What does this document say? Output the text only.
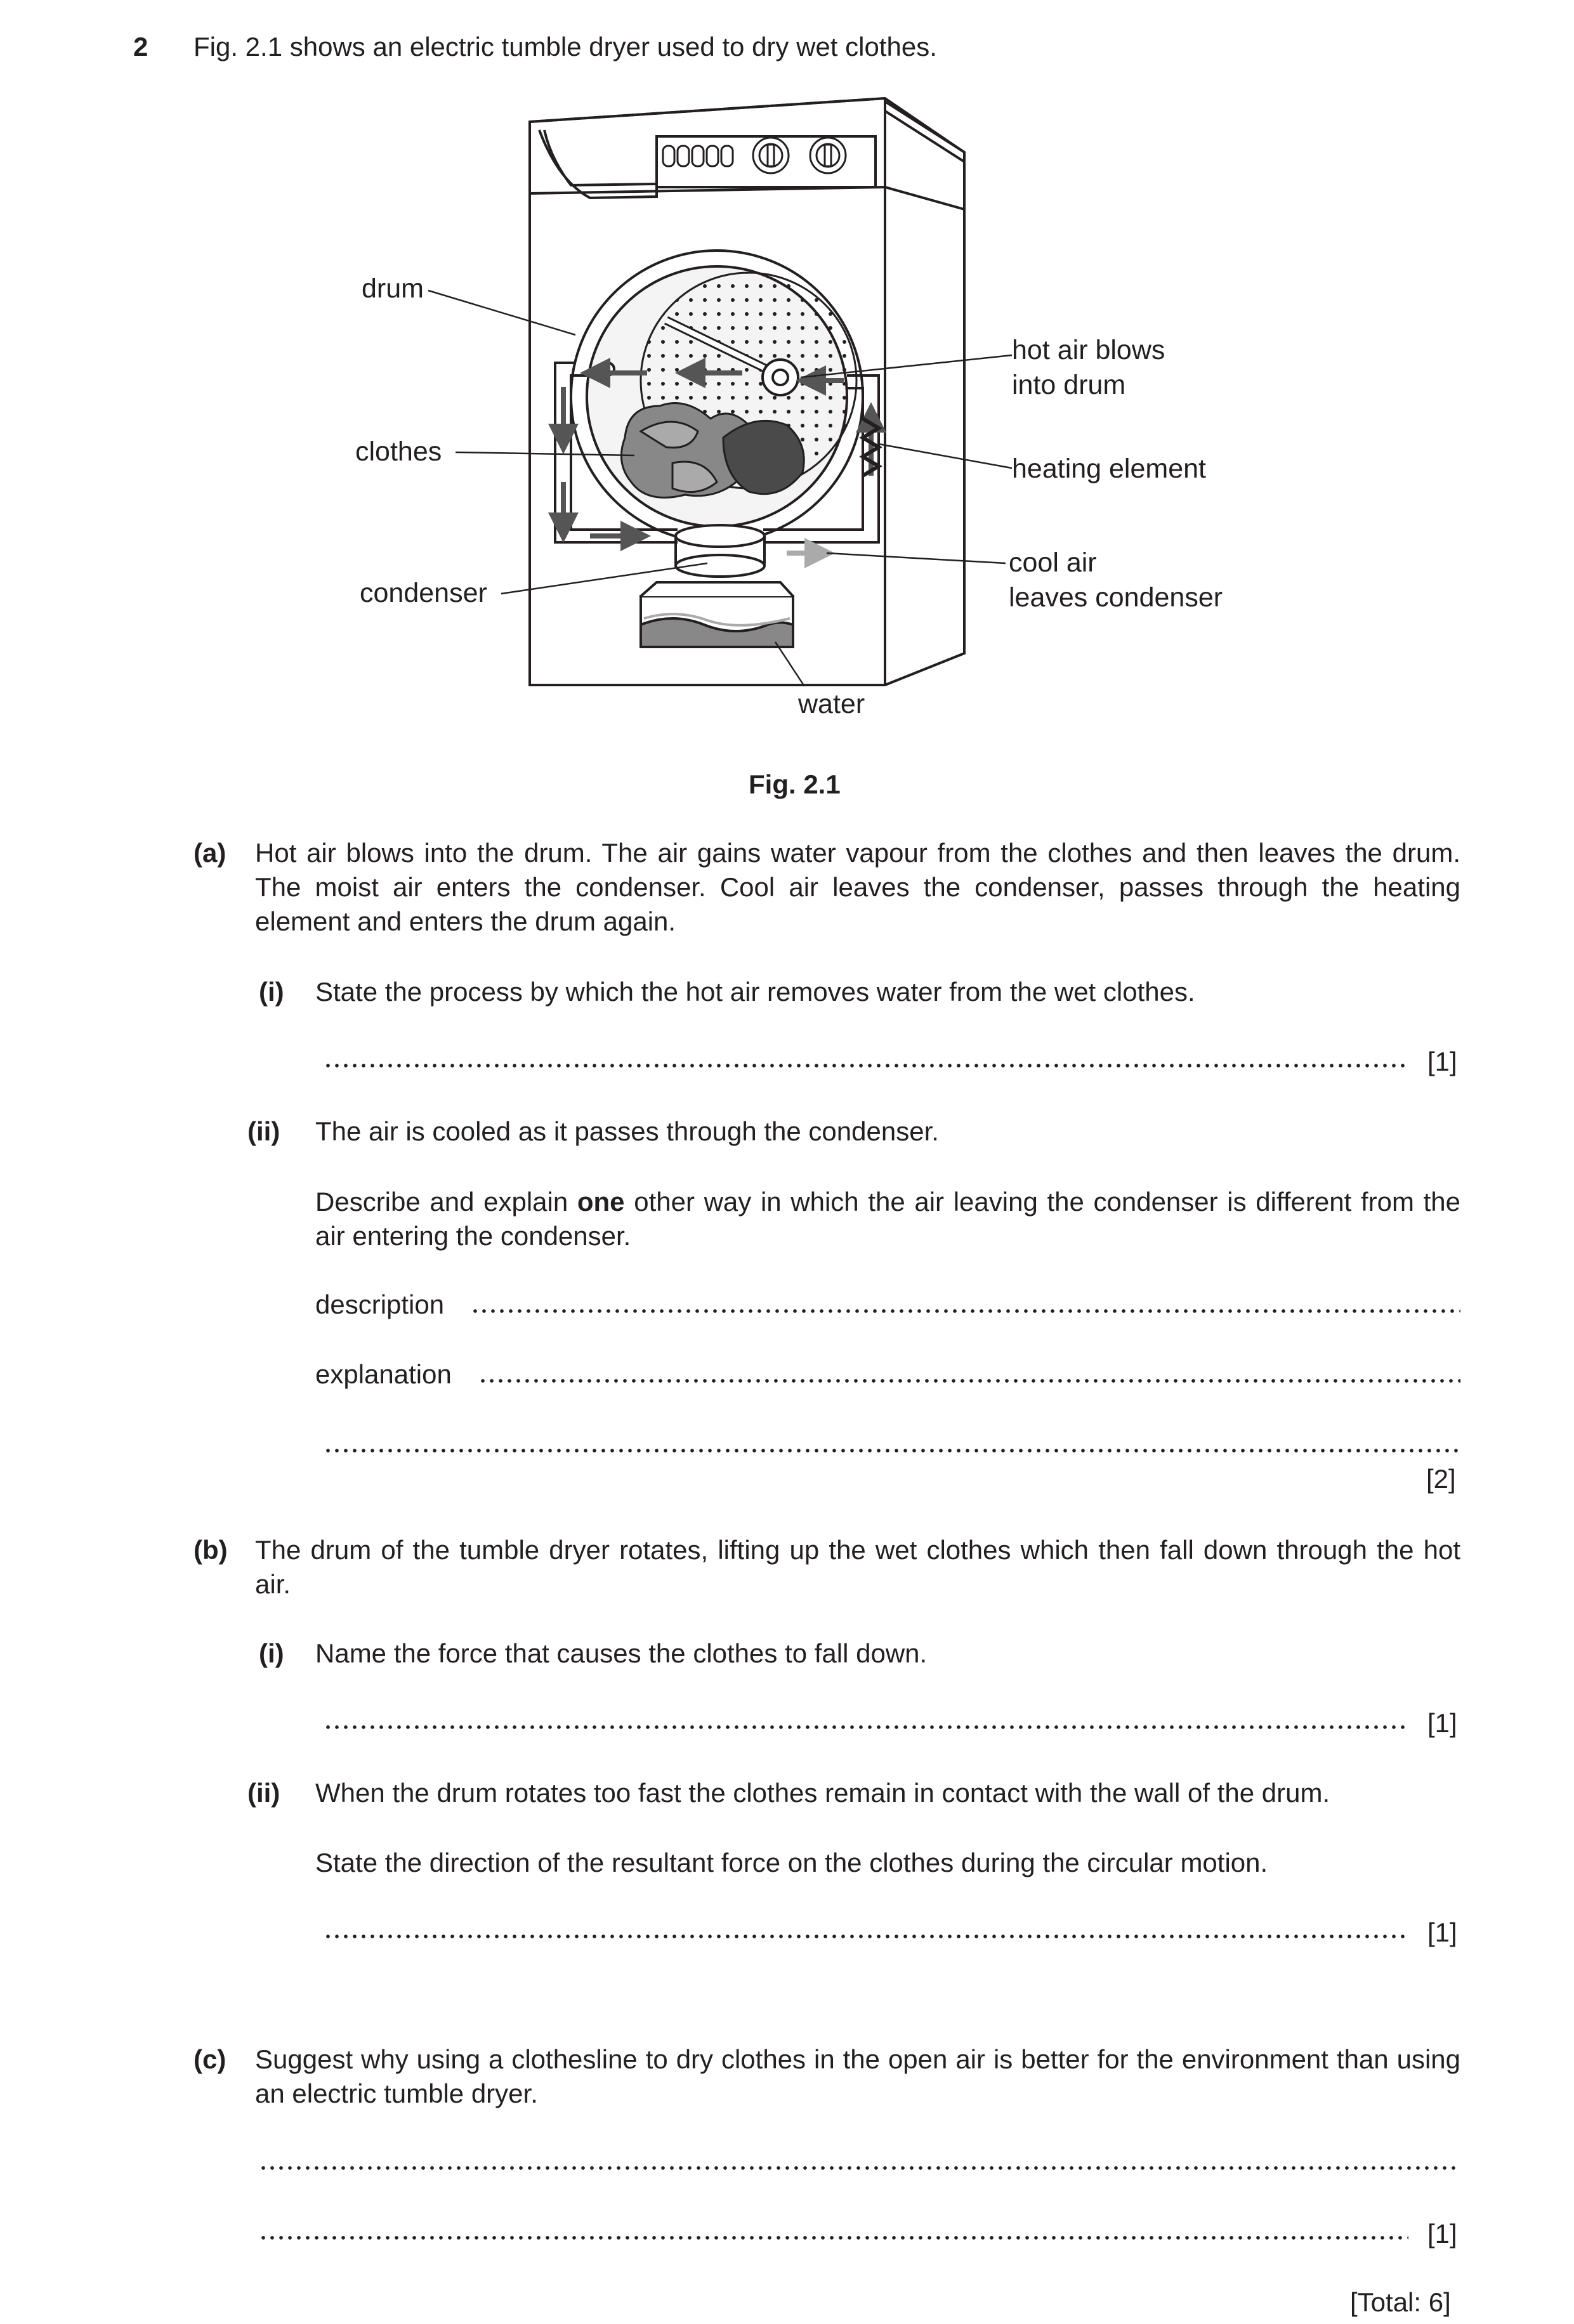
2 Fig. 2.1 shows an electric tumble dryer used to dry wet clothes.
drum
clothes
condenser
water
hot air blows
into drum
heating element
cool air
leaves condenser
Fig. 2.1
(a) Hot air blows into the drum. The air gains water vapour from the clothes and then leaves the drum. The moist air enters the condenser. Cool air leaves the condenser, passes through the heating element and enters the drum again.
(i) State the process by which the hot air removes water from the wet clothes.
[1]
(ii) The air is cooled as it passes through the condenser.
Describe and explain one other way in which the air leaving the condenser is different from the air entering the condenser.
description
explanation
[2]
(b) The drum of the tumble dryer rotates, lifting up the wet clothes which then fall down through the hot air.
(i) Name the force that causes the clothes to fall down.
[1]
(ii) When the drum rotates too fast the clothes remain in contact with the wall of the drum.
State the direction of the resultant force on the clothes during the circular motion.
[1]
(c) Suggest why using a clothesline to dry clothes in the open air is better for the environment than using an electric tumble dryer.
[1]
[Total: 6]
